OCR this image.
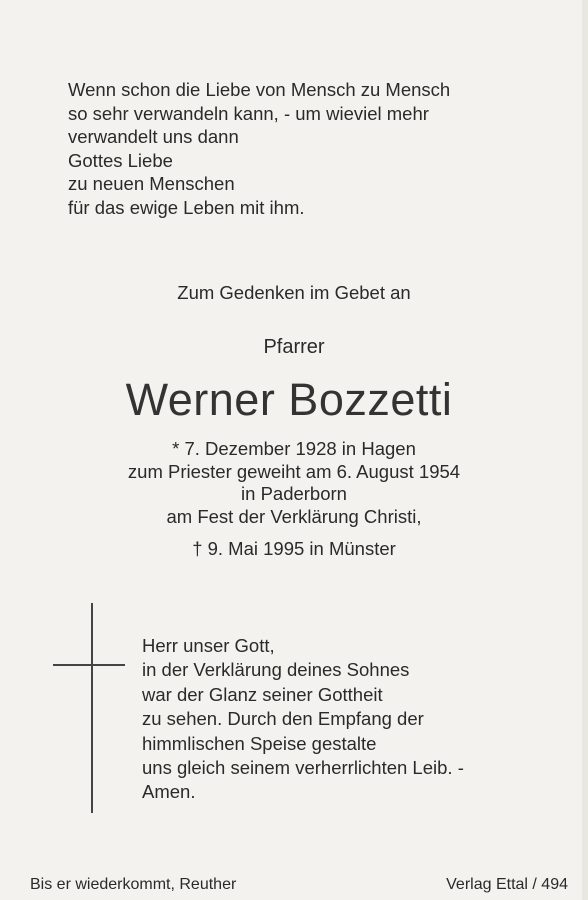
Wenn schon die Liebe von Mensch zu Mensch
so sehr verwandeln kann, - um wieviel mehr
verwandelt uns dann
Gottes Liebe
zu neuen Menschen
für das ewige Leben mit ihm.
Zum Gedenken im Gebet an
Pfarrer
Werner Bozzetti
* 7. Dezember 1928 in Hagen
zum Priester geweiht am 6. August 1954
in Paderborn
am Fest der Verklärung Christi,
† 9. Mai 1995 in Münster
Herr unser Gott,
in der Verklärung deines Sohnes
war der Glanz seiner Gottheit
zu sehen. Durch den Empfang der
himmlischen Speise gestalte
uns gleich seinem verherrlichten Leib. -
Amen.
Bis er wiederkommt, Reuther	Verlag Ettal / 494
